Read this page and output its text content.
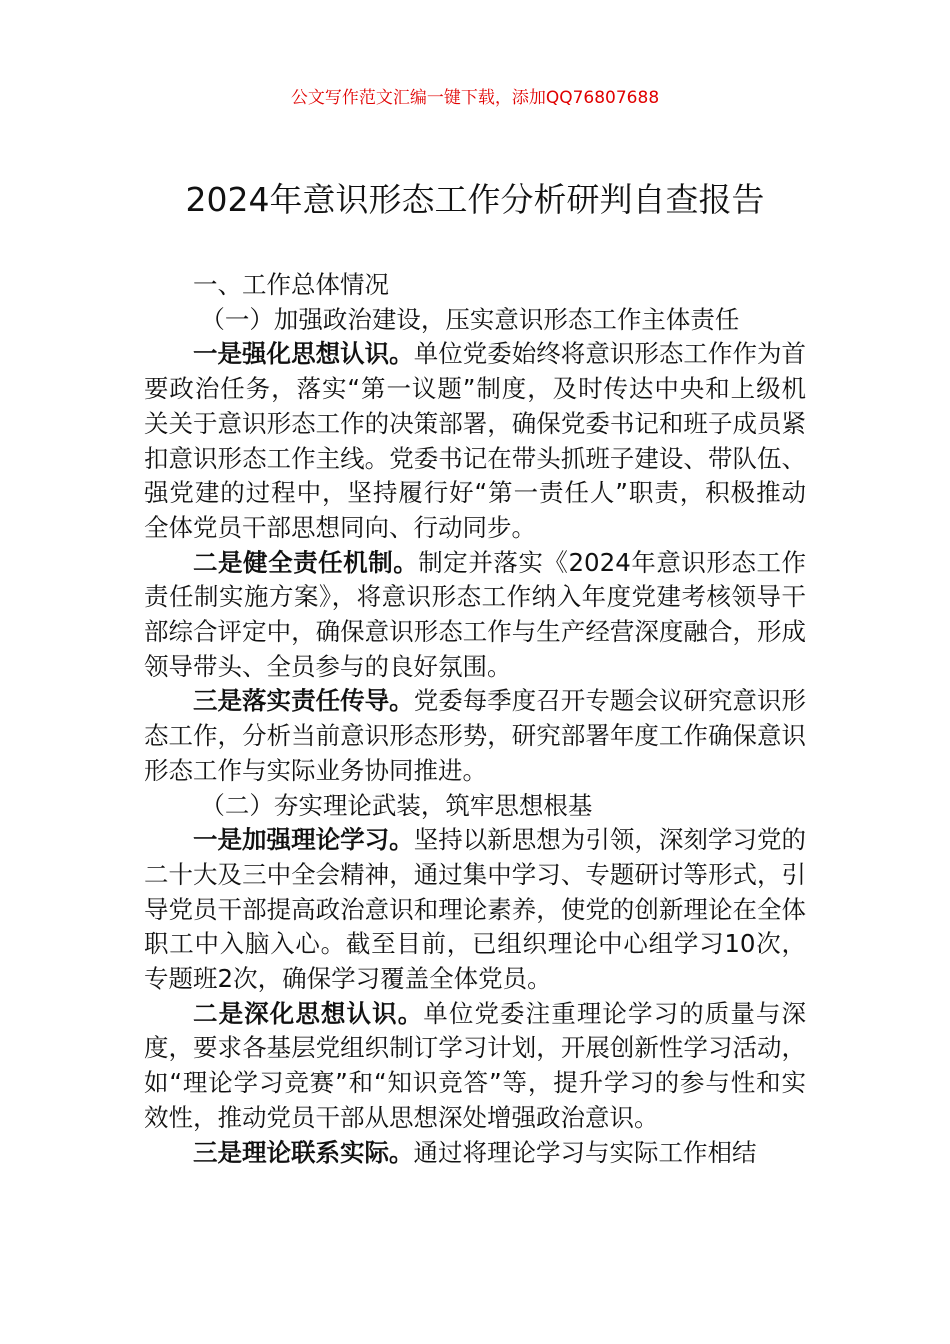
公文写作范文汇编一键下载，添加QQ76807688
2024年意识形态工作分析研判自查报告

一、工作总体情况

（一）加强政治建设，压实意识形态工作主体责任

一是强化思想认识。单位党委始终将意识形态工作作为首要政治任务，落实“第一议题”制度，及时传达中央和上级机关关于意识形态工作的决策部署，确保党委书记和班子成员紧扣意识形态工作主线。党委书记在带头抓班子建设、带队伍、强党建的过程中，坚持履行好“第一责任人”职责，积极推动全体党员干部思想同向、行动同步。

二是健全责任机制。制定并落实《2024年意识形态工作责任制实施方案》，将意识形态工作纳入年度党建考核领导干部综合评定中，确保意识形态工作与生产经营深度融合，形成领导带头、全员参与的良好氛围。

三是落实责任传导。党委每季度召开专题会议研究意识形态工作，分析当前意识形态形势，研究部署年度工作确保意识形态工作与实际业务协同推进。

（二）夯实理论武装，筑牢思想根基

一是加强理论学习。坚持以新思想为引领，深刻学习党的二十大及三中全会精神，通过集中学习、专题研讨等形式，引导党员干部提高政治意识和理论素养，使党的创新理论在全体职工中入脑入心。截至目前，已组织理论中心组学习10次，专题班2次，确保学习覆盖全体党员。

二是深化思想认识。单位党委注重理论学习的质量与深度，要求各基层党组织制订学习计划，开展创新性学习活动，如“理论学习竞赛”和“知识竞答”等，提升学习的参与性和实效性，推动党员干部从思想深处增强政治意识。

三是理论联系实际。通过将理论学习与实际工作相结
